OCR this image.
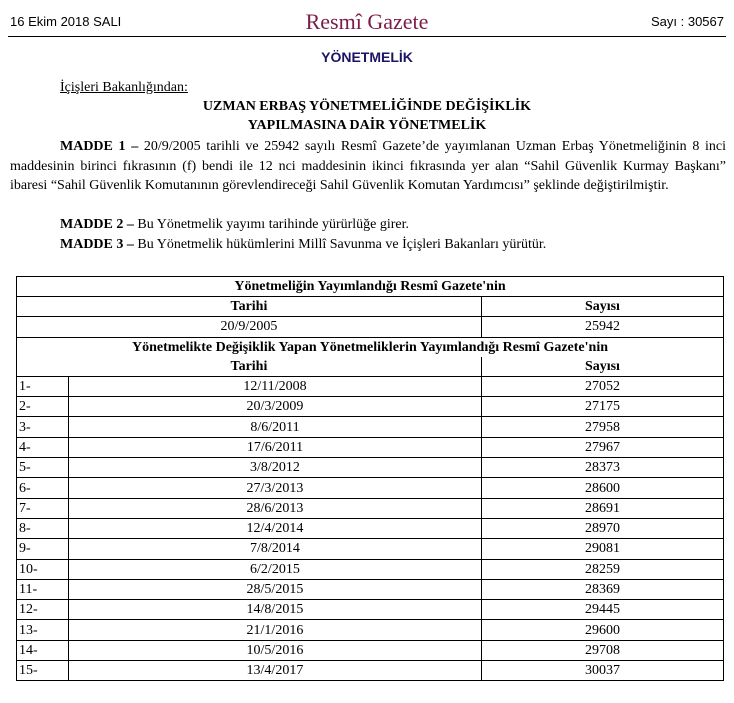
16 Ekim 2018 SALI	Resmî Gazete	Sayı : 30567
YÖNETMELİK
İçişleri Bakanlığından:
UZMAN ERBAŞ YÖNETMELİĞİNDE DEĞİŞİKLİK
YAPILMASINA DAİR YÖNETMELİK

MADDE 1 – 20/9/2005 tarihli ve 25942 sayılı Resmî Gazete’de yayımlanan Uzman Erbaş Yönetmeliğinin 8 inci maddesinin birinci fıkrasının (f) bendi ile 12 nci maddesinin ikinci fıkrasında yer alan “Sahil Güvenlik Kurmay Başkanı” ibaresi “Sahil Güvenlik Komutanının görevlendireceği Sahil Güvenlik Komutan Yardımcısı” şeklinde değiştirilmiştir.

MADDE 2 – Bu Yönetmelik yayımı tarihinde yürürlüğe girer.
MADDE 3 – Bu Yönetmelik hükümlerini Millî Savunma ve İçişleri Bakanları yürütür.
Yönetmeliğin Yayımlandığı Resmî Gazete'nin		
Tarihi		Sayısı
20/9/2005		25942
Yönetmelikte Değişiklik Yapan Yönetmeliklerin Yayımlandığı Resmî Gazete'nin		
Tarihi		Sayısı
1-	12/11/2008	27052
2-	20/3/2009	27175
3-	8/6/2011	27958
4-	17/6/2011	27967
5-	3/8/2012	28373
6-	27/3/2013	28600
7-	28/6/2013	28691
8-	12/4/2014	28970
9-	7/8/2014	29081
10-	6/2/2015	28259
11-	28/5/2015	28369
12-	14/8/2015	29445
13-	21/1/2016	29600
14-	10/5/2016	29708
15-	13/4/2017	30037
